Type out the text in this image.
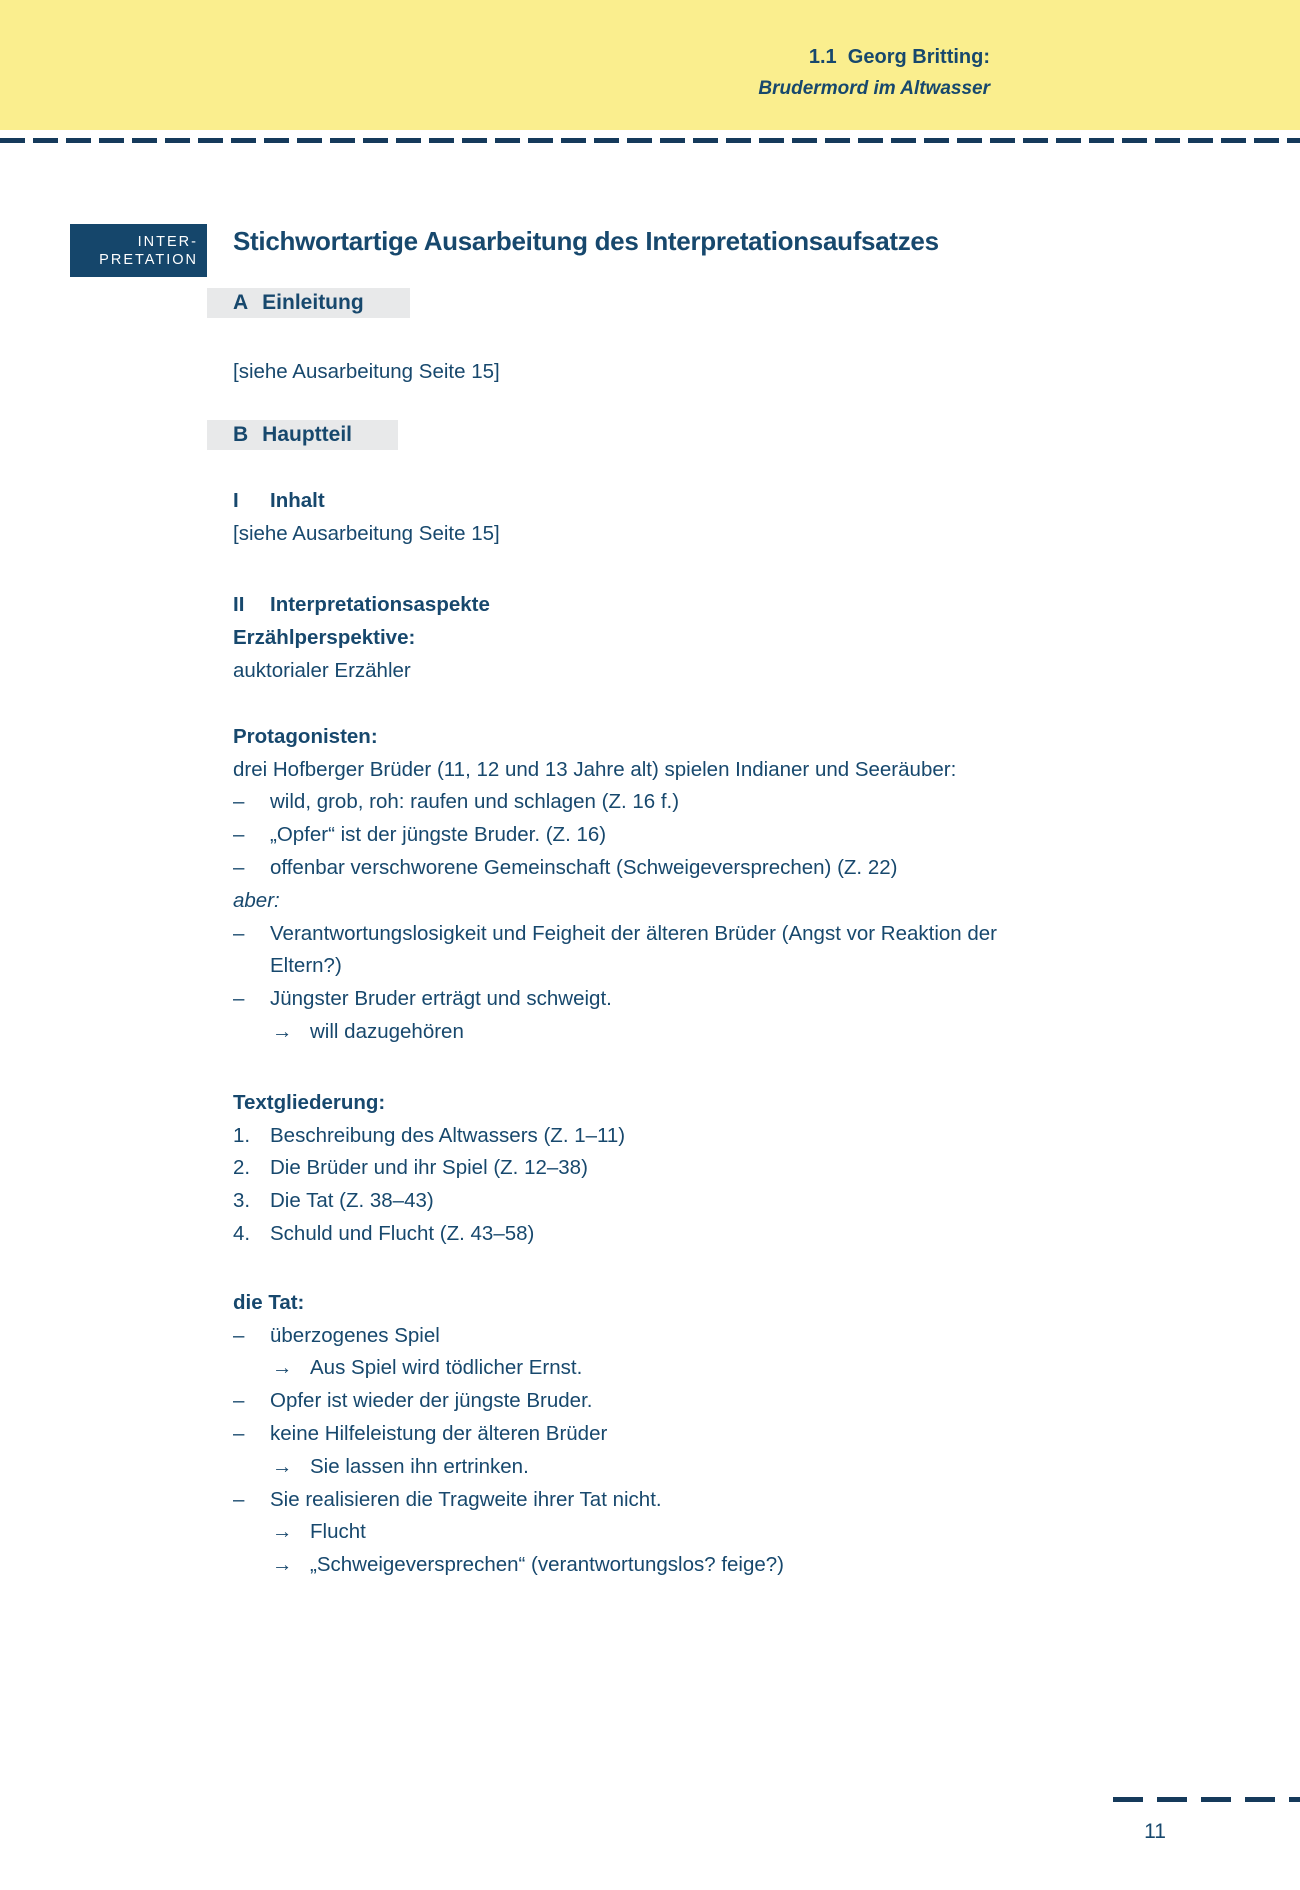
1.1  Georg Britting:
Brudermord im Altwasser
INTER-
PRETATION
Stichwortartige Ausarbeitung des Interpretationsaufsatzes
A Einleitung
[siehe Ausarbeitung Seite 15]
B Hauptteil
I	Inhalt
[siehe Ausarbeitung Seite 15]
II	Interpretationsaspekte
Erzählperspektive:
auktorialer Erzähler
Protagonisten:
drei Hofberger Brüder (11, 12 und 13 Jahre alt) spielen Indianer und Seeräuber:
–	wild, grob, roh: raufen und schlagen (Z. 16 f.)
–	„Opfer“ ist der jüngste Bruder. (Z. 16)
–	offenbar verschworene Gemeinschaft (Schweigeversprechen) (Z. 22)
aber:
–	Verantwortungslosigkeit und Feigheit der älteren Brüder (Angst vor Reaktion der
Eltern?)
–	Jüngster Bruder erträgt und schweigt.
→ will dazugehören
Textgliederung:
1. Beschreibung des Altwassers (Z. 1–11)
2. Die Brüder und ihr Spiel (Z. 12–38)
3. Die Tat (Z. 38–43)
4. Schuld und Flucht (Z. 43–58)
die Tat:
–	überzogenes Spiel
→ Aus Spiel wird tödlicher Ernst.
–	Opfer ist wieder der jüngste Bruder.
–	keine Hilfeleistung der älteren Brüder
→ Sie lassen ihn ertrinken.
–	Sie realisieren die Tragweite ihrer Tat nicht.
→ Flucht
→ „Schweigeversprechen“ (verantwortungslos? feige?)
11
